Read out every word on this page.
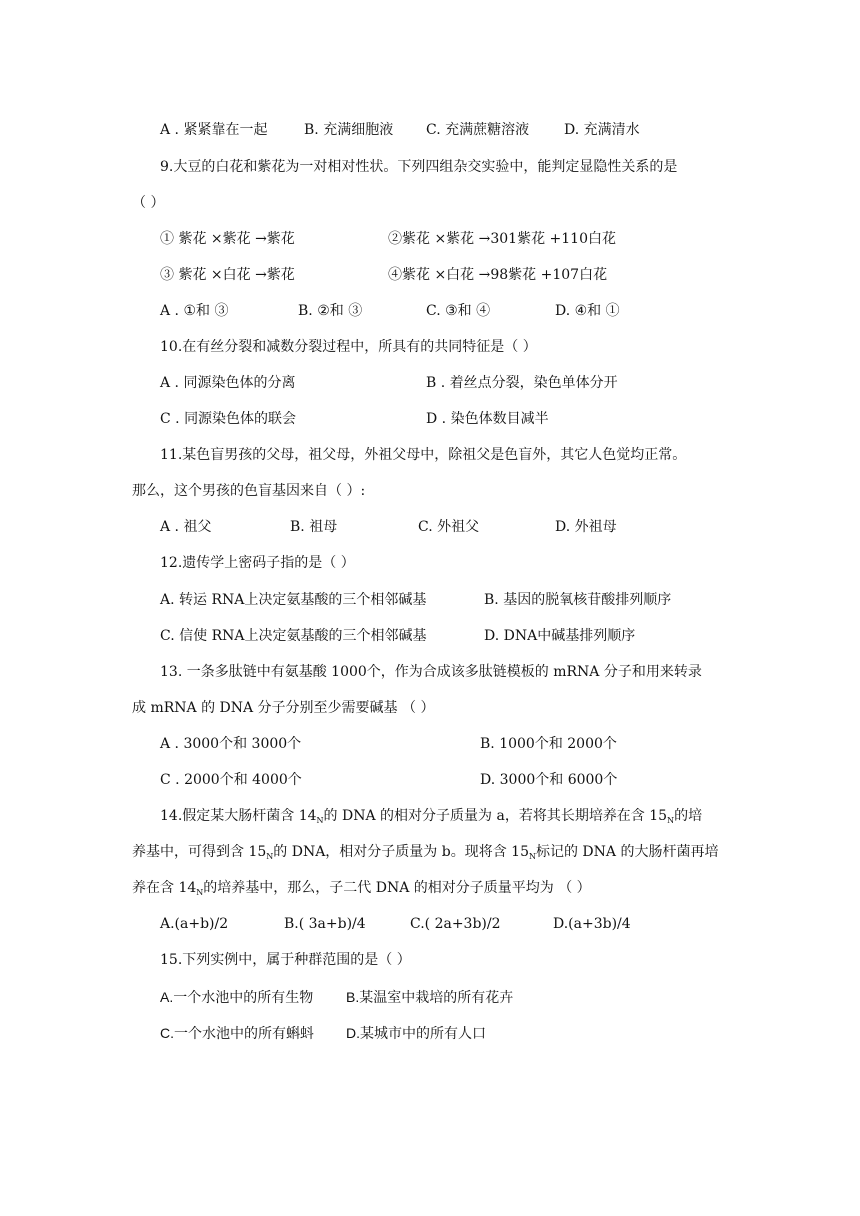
A . 紧紧靠在一起	B. 充满细胞液 C. 充满蔗糖溶液 D. 充满清水
9.大豆的白花和紫花为一对相对性状。下列四组杂交实验中，能判定显隐性关系的是
（ ）
① 紫花 ×紫花 →紫花	②紫花 ×紫花 →301紫花 +110白花
③ 紫花 ×白花 →紫花	④紫花 ×白花 →98紫花 +107白花
A . ①和 ③	B. ②和 ③	C. ③和 ④	D. ④和 ①
10.在有丝分裂和减数分裂过程中，所具有的共同特征是（ ）
A . 同源染色体的分离	B . 着丝点分裂，染色单体分开
C . 同源染色体的联会	D . 染色体数目减半
11.某色盲男孩的父母，祖父母，外祖父母中，除祖父是色盲外，其它人色觉均正常。
那么，这个男孩的色盲基因来自（ ）:
A . 祖父	B. 祖母	C. 外祖父	D. 外祖母
12.遗传学上密码子指的是（ ）
A. 转运 RNA上决定氨基酸的三个相邻碱基	B. 基因的脱氧核苷酸排列顺序
C. 信使 RNA上决定氨基酸的三个相邻碱基	D. DNA中碱基排列顺序
13. 一条多肽链中有氨基酸 1000个，作为合成该多肽链模板的 mRNA 分子和用来转录
成 mRNA 的 DNA 分子分别至少需要碱基 （ ）
A . 3000个和 3000个	B. 1000个和 2000个
C . 2000个和 4000个	D. 3000个和 6000个
14.假定某大肠杆菌含 $14_N$的 DNA 的相对分子质量为 a，若将其长期培养在含 $15_N$的培
养基中，可得到含 $15_N$的 DNA，相对分子质量为 b。现将含 $15_N$标记的 DNA 的大肠杆菌再培
养在含 $14_N$的培养基中，那么，子二代 DNA 的相对分子质量平均为 （ ）
A.(a+b)/2	B.( 3a+b)/4	C.( 2a+3b)/2	D.(a+3b)/4
15.下列实例中，属于种群范围的是（ ）
A.一个水池中的所有生物 B.某温室中栽培的所有花卉
C.一个水池中的所有蝌蚪 D.某城市中的所有人口
